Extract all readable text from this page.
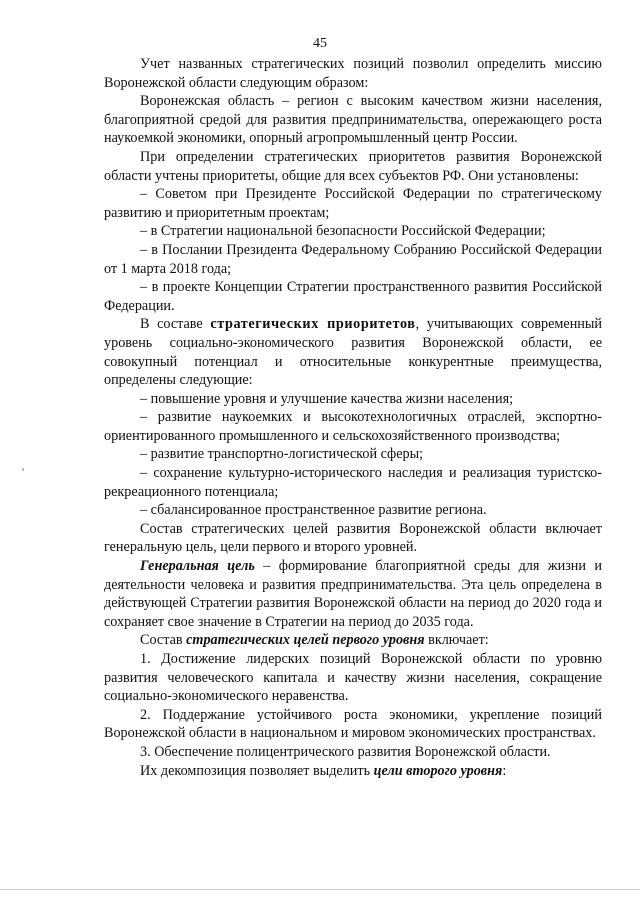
45

Учет названных стратегических позиций позволил определить миссию Воронежской области следующим образом:

Воронежская область – регион с высоким качеством жизни населения, благоприятной средой для развития предпринимательства, опережающего роста наукоемкой экономики, опорный агропромышленный центр России.

При определении стратегических приоритетов развития Воронежской области учтены приоритеты, общие для всех субъектов РФ. Они установлены:

– Советом при Президенте Российской Федерации по стратегическому развитию и приоритетным проектам;

– в Стратегии национальной безопасности Российской Федерации;

– в Послании Президента Федеральному Собранию Российской Федерации от 1 марта 2018 года;

– в проекте Концепции Стратегии пространственного развития Российской Федерации.

В составе стратегических приоритетов, учитывающих современный уровень социально-экономического развития Воронежской области, ее совокупный потенциал и относительные конкурентные преимущества, определены следующие:

– повышение уровня и улучшение качества жизни населения;

– развитие наукоемких и высокотехнологичных отраслей, экспортно-ориентированного промышленного и сельскохозяйственного производства;

– развитие транспортно-логистической сферы;

– сохранение культурно-исторического наследия и реализация туристско-рекреационного потенциала;

– сбалансированное пространственное развитие региона.

Состав стратегических целей развития Воронежской области включает генеральную цель, цели первого и второго уровней.

Генеральная цель – формирование благоприятной среды для жизни и деятельности человека и развития предпринимательства. Эта цель определена в действующей Стратегии развития Воронежской области на период до 2020 года и сохраняет свое значение в Стратегии на период до 2035 года.

Состав стратегических целей первого уровня включает:

1. Достижение лидерских позиций Воронежской области по уровню развития человеческого капитала и качеству жизни населения, сокращение социально-экономического неравенства.

2. Поддержание устойчивого роста экономики, укрепление позиций Воронежской области в национальном и мировом экономических пространствах.

3. Обеспечение полицентрического развития Воронежской области.

Их декомпозиция позволяет выделить цели второго уровня:
